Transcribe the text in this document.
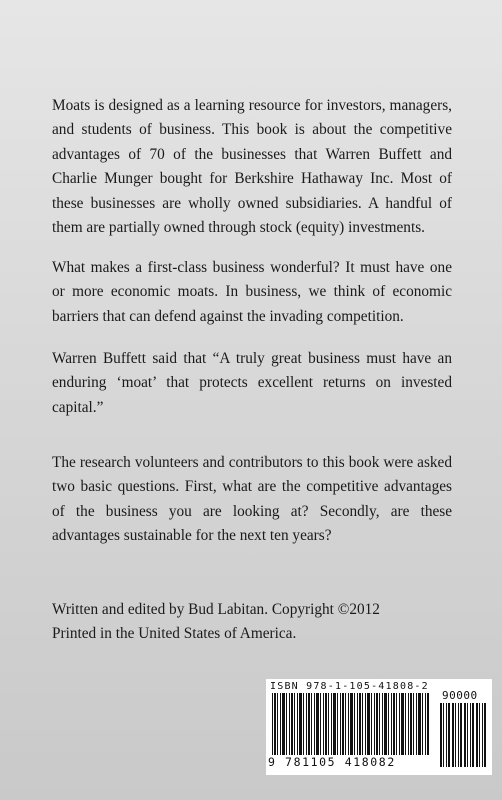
Moats is designed as a learning resource for investors, managers, and students of business. This book is about the competitive advantages of 70 of the businesses that Warren Buffett and Charlie Munger bought for Berkshire Hathaway Inc. Most of these businesses are wholly owned subsidiaries. A handful of them are partially owned through stock (equity) investments.

What makes a first-class business wonderful? It must have one or more economic moats. In business, we think of economic barriers that can defend against the invading competition.

Warren Buffett said that “A truly great business must have an enduring ‘moat’ that protects excellent returns on invested capital.”

The research volunteers and contributors to this book were asked two basic questions. First, what are the competitive advantages of the business you are looking at? Secondly, are these advantages sustainable for the next ten years?

Written and edited by Bud Labitan. Copyright ©2012

Printed in the United States of America.

ISBN 978-1-105-41808-2
90000
9 781105 418082
